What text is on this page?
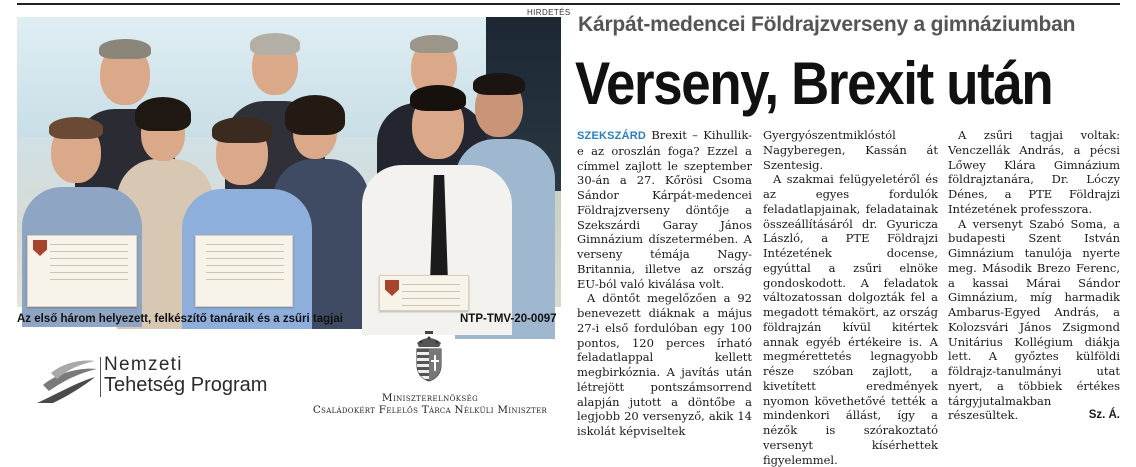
HIRDETÉS
Az első három helyezett, felkészítő tanáraik és a zsűri tagjai	NTP-TMV-20-0097
Nemzeti
Tehetség Program
Miniszterelnökség
Családokért Felelős Tárca Nélküli Miniszter
Kárpát-medencei Földrajzverseny a gimnáziumban
Verseny, Brexit után

SZEKSZÁRD Brexit – Kihullik-e az oroszlán foga? Ezzel a címmel zajlott le szeptember 30-án a 27. Kőrösi Csoma Sándor Kárpát-medencei Földrajzverseny döntője a Szekszárdi Garay János Gimnázium díszetermében. A verseny témája Nagy-Britannia, illetve az ország EU-ból való kiválása volt.

A döntőt megelőzően a 92 benevezett diáknak a május 27-i első fordulóban egy 100 pontos, 120 perces írható feladatlappal kellett megbirkóznia. A javítás után létrejött pontszámsorrend alapján jutott a döntőbe a legjobb 20 versenyző, akik 14 iskolát képviseltek

Gyergyószentmiklóstól Nagyberegen, Kassán át Szentesig.

A szakmai felügyeletéről és az egyes fordulók feladatlapjainak, feladatainak összeállításáról dr. Gyuricza László, a PTE Földrajzi Intézetének docense, egyúttal a zsűri elnöke gondoskodott. A feladatok változatossan dolgozták fel a megadott témakört, az ország földrajzán kívül kitértek annak egyéb értékeire is. A megmérettetés legnagyobb része szóban zajlott, a kivetített eredmények nyomon követhetővé tették a mindenkori állást, így a nézők is szórakoztató versenyt kísérhettek figyelemmel.

A zsűri tagjai voltak: Venczellák András, a pécsi Lőwey Klára Gimnázium földrajztanára, Dr. Lóczy Dénes, a PTE Földrajzi Intézetének professzora.

A versenyt Szabó Soma, a budapesti Szent István Gimnázium tanulója nyerte meg. Második Brezo Ferenc, a kassai Márai Sándor Gimnázium, míg harmadik Ambarus-Egyed András, a Kolozsvári János Zsigmond Unitárius Kollégium diákja lett. A győztes külföldi földrajz-tanulmányi utat nyert, a többiek értékes tárgyjutalmakban részesültek.	Sz. Á.
